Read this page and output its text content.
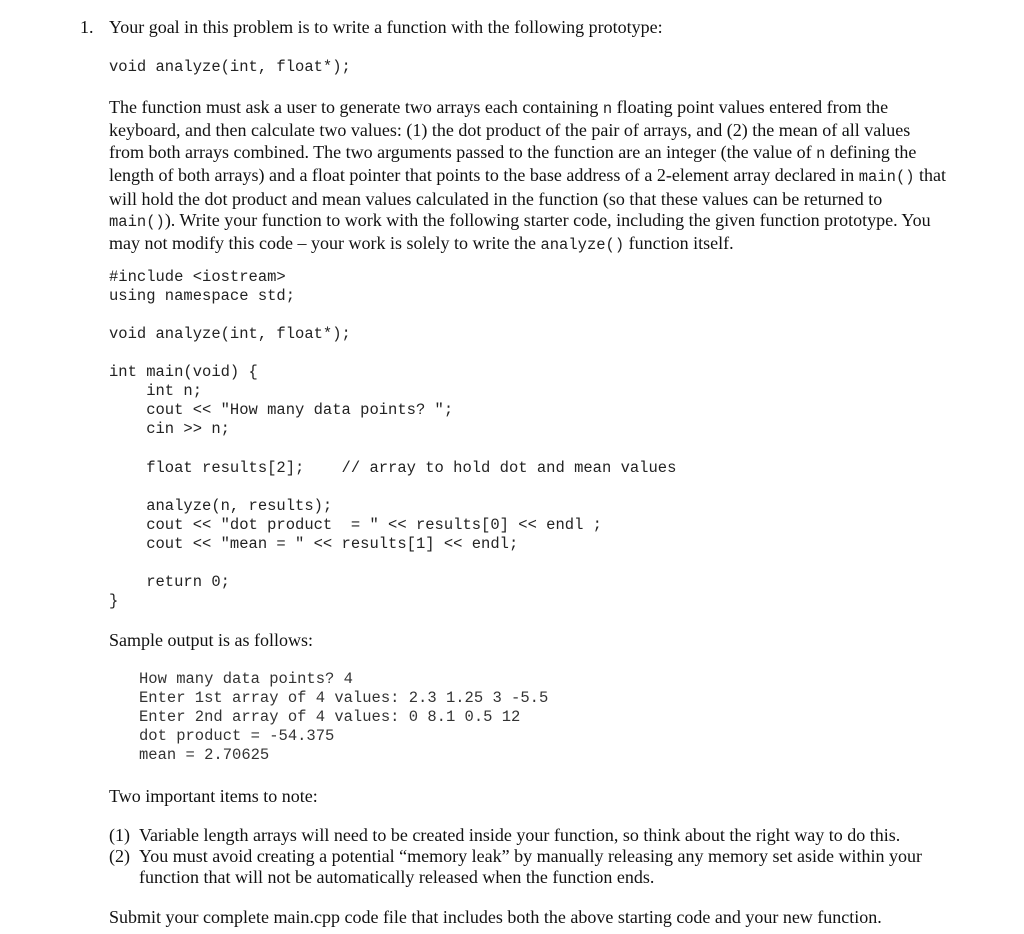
1. Your goal in this problem is to write a function with the following prototype:
void analyze(int, float*);
The function must ask a user to generate two arrays each containing n floating point values entered from the keyboard, and then calculate two values: (1) the dot product of the pair of arrays, and (2) the mean of all values from both arrays combined. The two arguments passed to the function are an integer (the value of n defining the length of both arrays) and a float pointer that points to the base address of a 2-element array declared in main() that will hold the dot product and mean values calculated in the function (so that these values can be returned to main()). Write your function to work with the following starter code, including the given function prototype. You may not modify this code – your work is solely to write the analyze() function itself.
#include <iostream>
using namespace std;
void analyze(int, float*);
int main(void) {
int n;
cout << "How many data points? ";
cin >> n;
float results[2];    // array to hold dot and mean values
analyze(n, results);
cout << "dot product  = " << results[0] << endl ;
cout << "mean = " << results[1] << endl;
return 0;
}
Sample output is as follows:
How many data points? 4
Enter 1st array of 4 values: 2.3 1.25 3 -5.5
Enter 2nd array of 4 values: 0 8.1 0.5 12
dot product = -54.375
mean = 2.70625
Two important items to note:
(1) Variable length arrays will need to be created inside your function, so think about the right way to do this.
(2) You must avoid creating a potential “memory leak” by manually releasing any memory set aside within your
function that will not be automatically released when the function ends.
Submit your complete main.cpp code file that includes both the above starting code and your new function.
